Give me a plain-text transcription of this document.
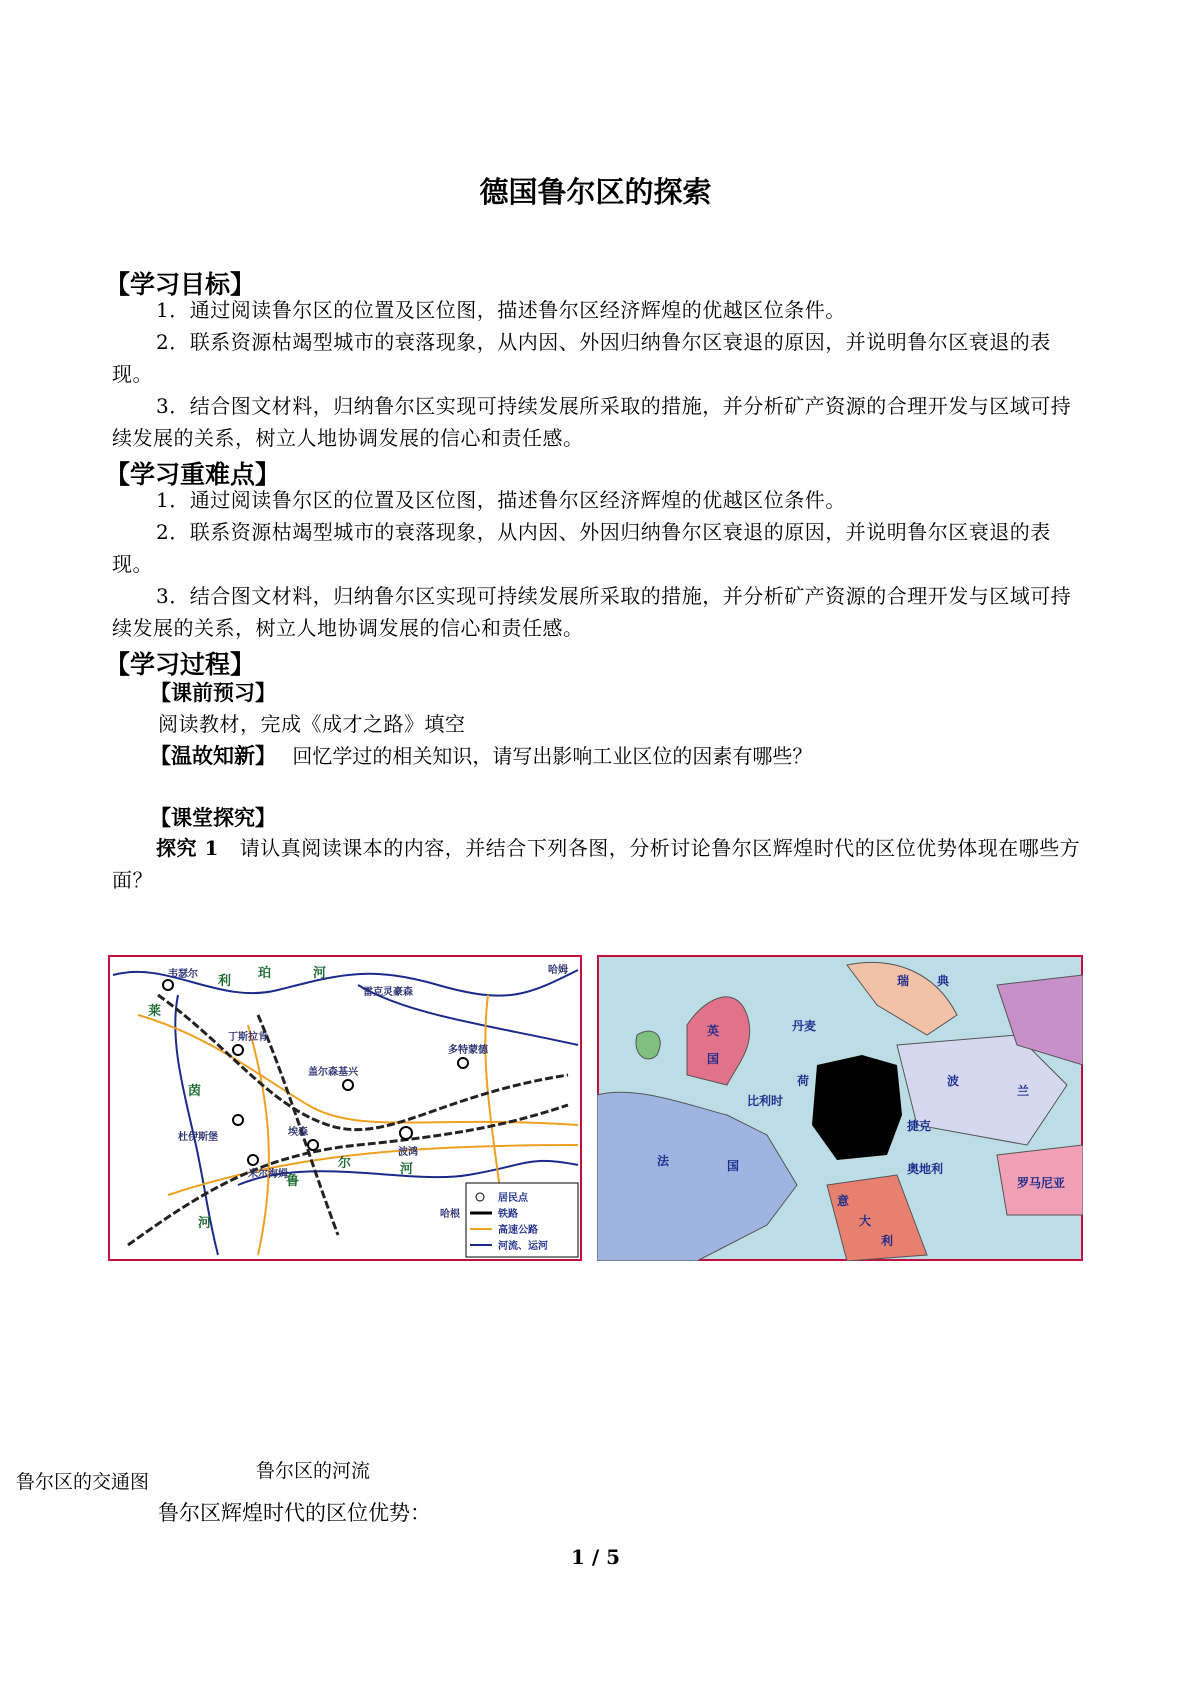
德国鲁尔区的探索
【学习目标】
1．通过阅读鲁尔区的位置及区位图，描述鲁尔区经济辉煌的优越区位条件。
2．联系资源枯竭型城市的衰落现象，从内因、外因归纳鲁尔区衰退的原因，并说明鲁尔区衰退的表现。
3．结合图文材料，归纳鲁尔区实现可持续发展所采取的措施，并分析矿产资源的合理开发与区域可持续发展的关系，树立人地协调发展的信心和责任感。
【学习重难点】
1．通过阅读鲁尔区的位置及区位图，描述鲁尔区经济辉煌的优越区位条件。
2．联系资源枯竭型城市的衰落现象，从内因、外因归纳鲁尔区衰退的原因，并说明鲁尔区衰退的表现。
3．结合图文材料，归纳鲁尔区实现可持续发展所采取的措施，并分析矿产资源的合理开发与区域可持续发展的关系，树立人地协调发展的信心和责任感。
【学习过程】
【课前预习】
阅读教材，完成《成才之路》填空
【温故知新】 回忆学过的相关知识，请写出影响工业区位的因素有哪些？
【课堂探究】
探究 1 请认真阅读课本的内容，并结合下列各图，分析讨论鲁尔区辉煌时代的区位优势体现在哪些方面？
韦瑟尔
雷克灵豪森
哈姆
丁斯拉肯
盖尔森基兴
多特蒙德
杜伊斯堡	埃森
波鸿
米尔海姆
哈根
利
珀	河
莱
茵
河
鲁
尔	河
居民点
铁路
高速公路
河流、运河
瑞 典
丹麦
英
国
法	国
波
兰
荷
比利时
捷克
奥地利
意
大
利
罗马尼亚
鲁尔区的交通图	鲁尔区的河流
鲁尔区辉煌时代的区位优势：
1 / 5
